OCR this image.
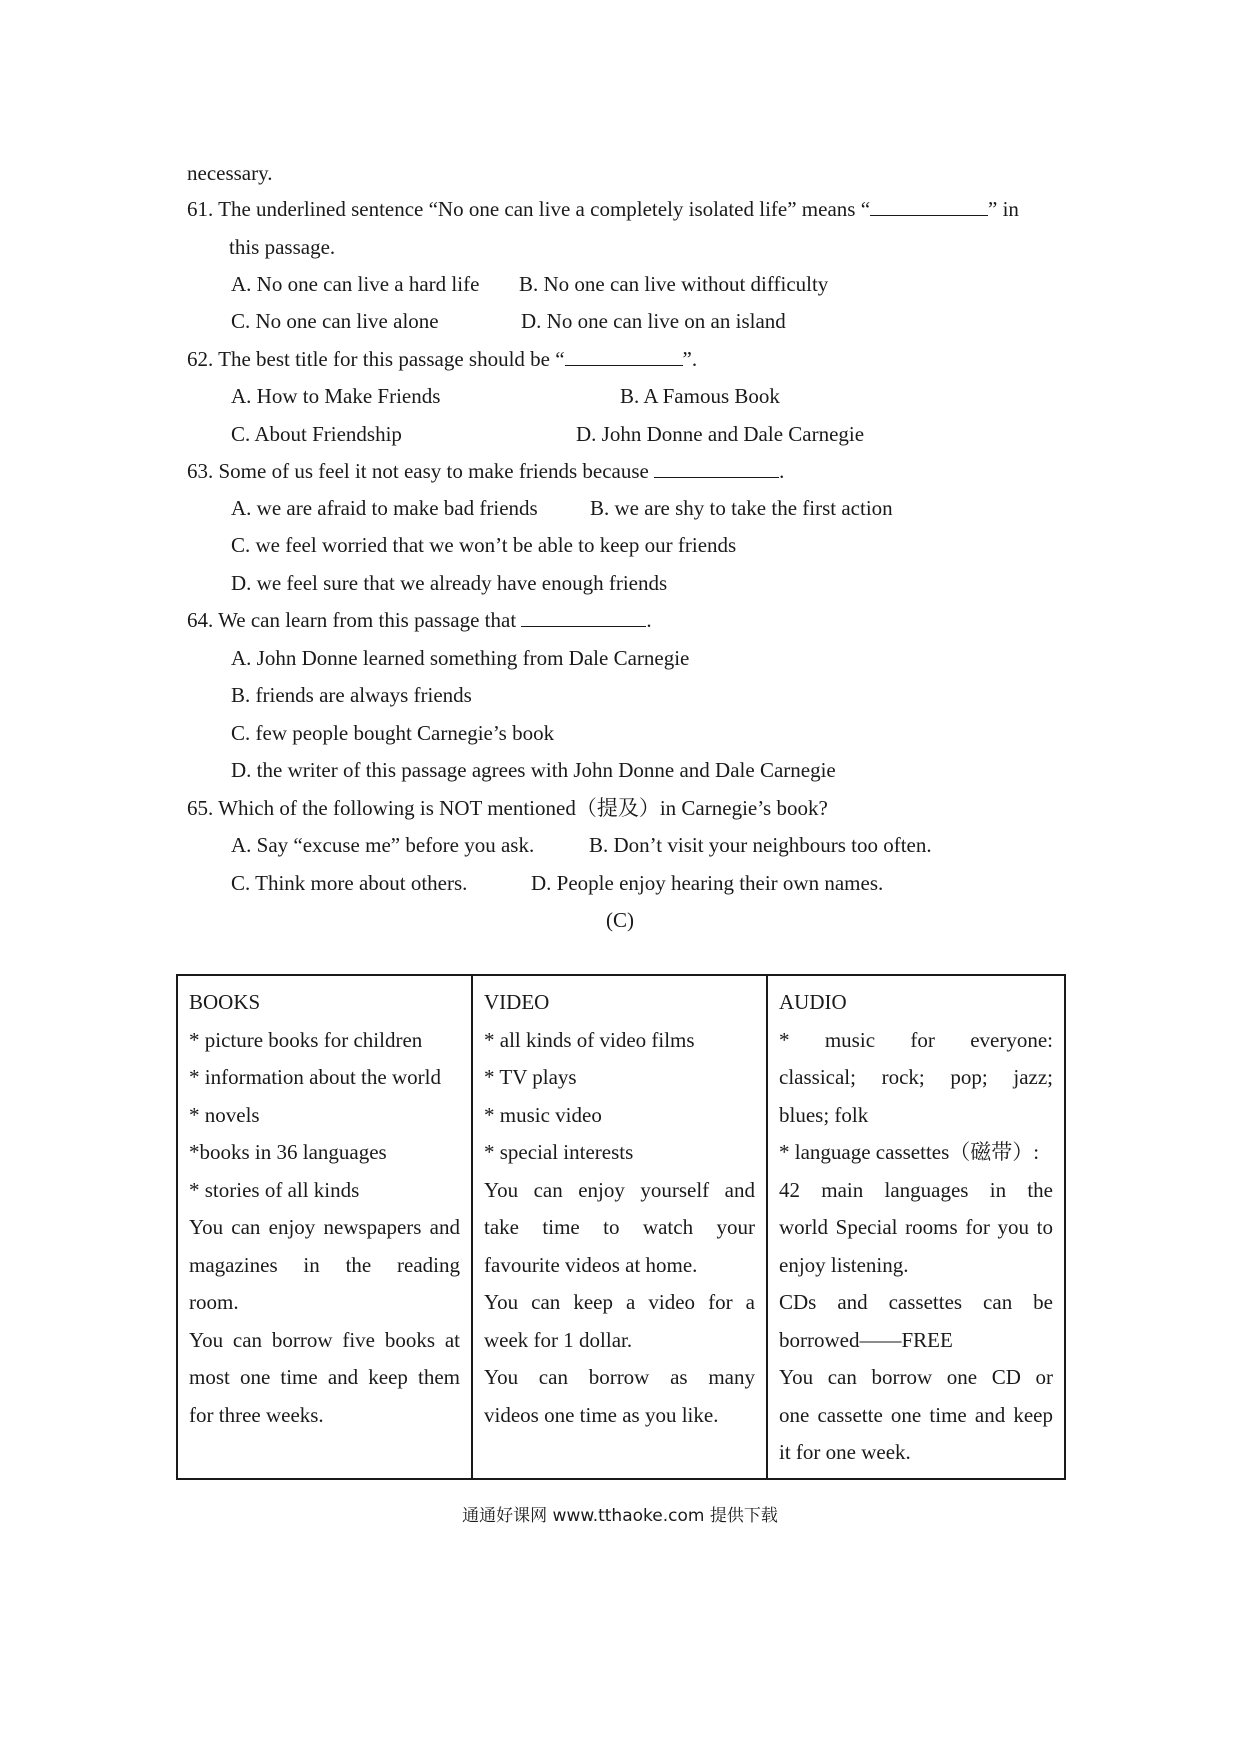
necessary.
61. The underlined sentence “No one can live a completely isolated life” means “	” in
this passage.
A. No one can live a hard life B. No one can live without difficulty
C. No one can live alone	D. No one can live on an island
62. The best title for this passage should be “	”.
A. How to Make Friends	B. A Famous Book
C. About Friendship	D. John Donne and Dale Carnegie
63. Some of us feel it not easy to make friends because	.
A. we are afraid to make bad friends B. we are shy to take the first action
C. we feel worried that we won’t be able to keep our friends
D. we feel sure that we already have enough friends
64. We can learn from this passage that	.
A. John Donne learned something from Dale Carnegie
B. friends are always friends
C. few people bought Carnegie’s book
D. the writer of this passage agrees with John Donne and Dale Carnegie
65. Which of the following is NOT mentioned（提及）in Carnegie’s book?
A. Say “excuse me” before you ask.	B. Don’t visit your neighbours too often.
C. Think more about others.	D. People enjoy hearing their own names.
(C)
BOOKS
* picture books for children
* information about the world
* novels
*books in 36 languages
* stories of all kinds
You can enjoy newspapers and
magazines in the reading
room.
You can borrow five books at
most one time and keep them
for three weeks.

VIDEO
* all kinds of video films
* TV plays
* music video
* special interests
You can enjoy yourself and
take time to watch your
favourite videos at home.
You can keep a video for a
week for 1 dollar.
You can borrow as many
videos one time as you like.

AUDIO
* music for everyone:
classical; rock; pop; jazz;
blues; folk
* language cassettes（磁带）:
42 main languages in the
world Special rooms for you to
enjoy listening.
CDs and cassettes can be
borrowed——FREE
You can borrow one CD or
one cassette one time and keep
it for one week.
通通好课网 www.tthaoke.com 提供下载
